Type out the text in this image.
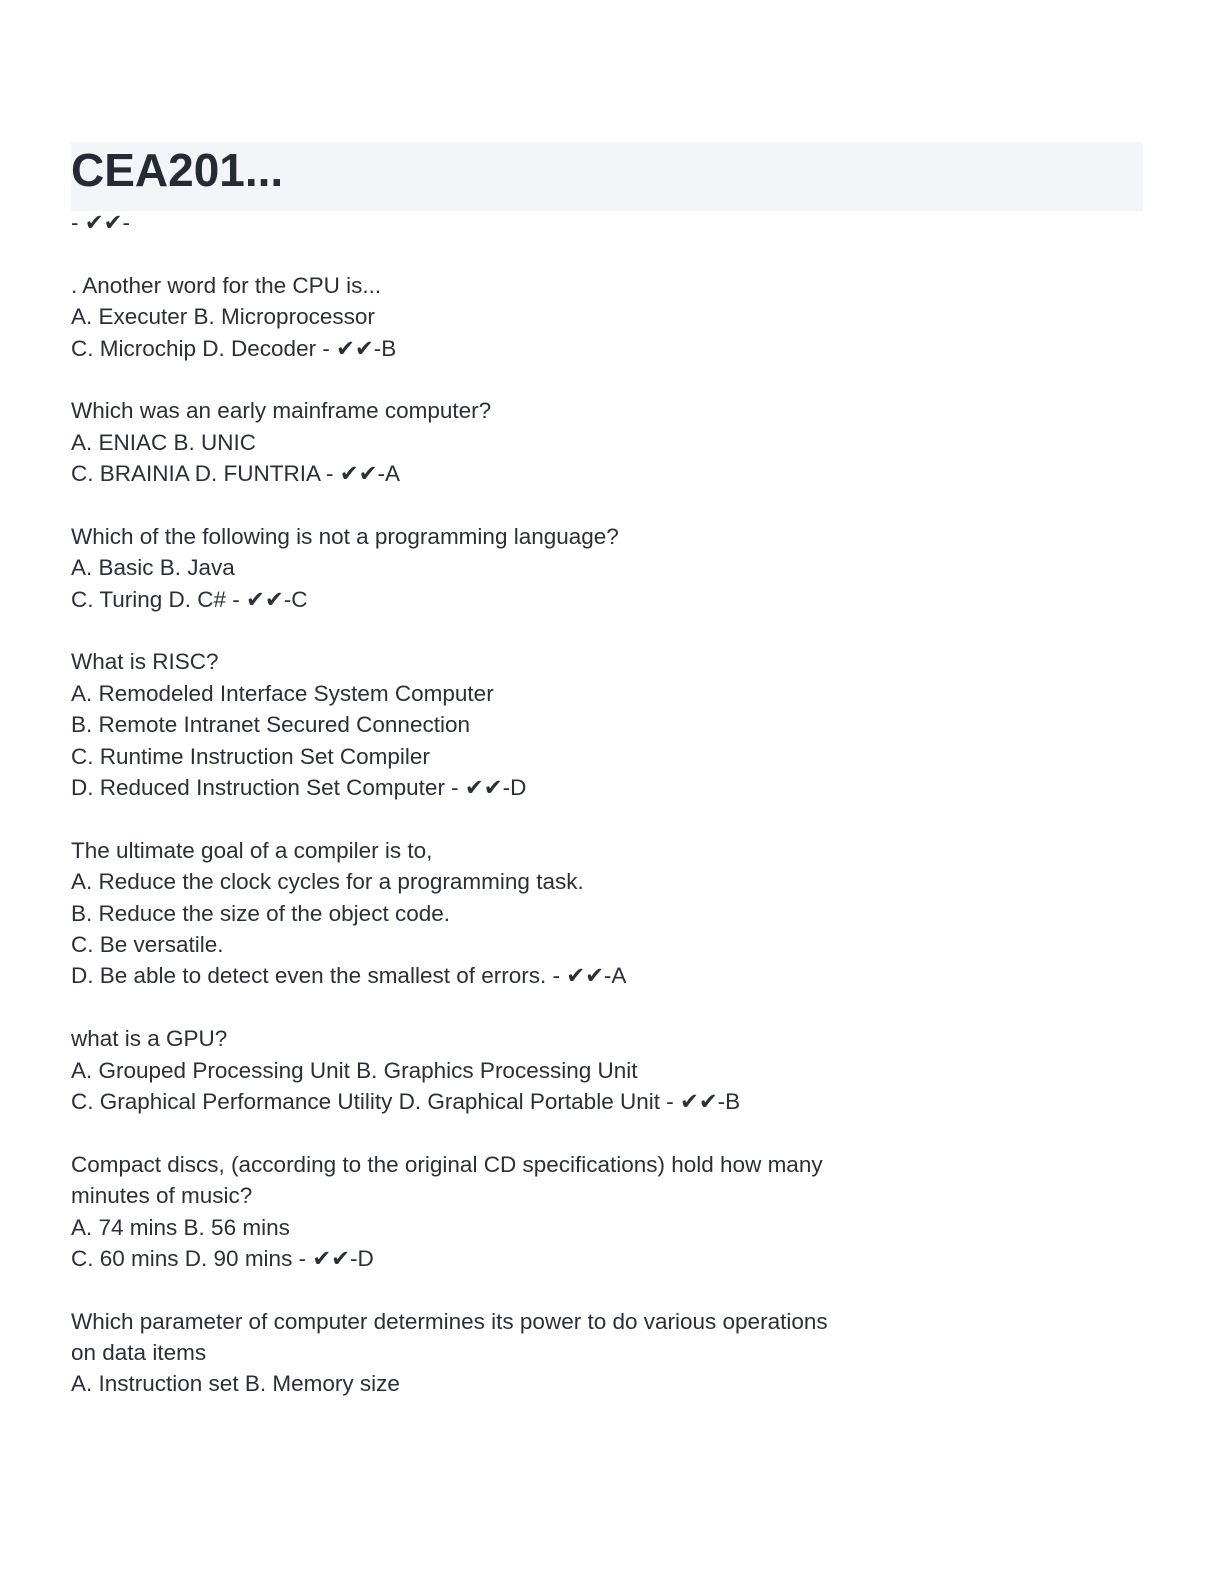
CEA201...
- ✔✔-
. Another word for the CPU is...
A. Executer B. Microprocessor
C. Microchip D. Decoder - ✔✔-B
Which was an early mainframe computer?
A. ENIAC B. UNIC
C. BRAINIA D. FUNTRIA - ✔✔-A
Which of the following is not a programming language?
A. Basic B. Java
C. Turing D. C# - ✔✔-C
What is RISC?
A. Remodeled Interface System Computer
B. Remote Intranet Secured Connection
C. Runtime Instruction Set Compiler
D. Reduced Instruction Set Computer - ✔✔-D
The ultimate goal of a compiler is to,
A. Reduce the clock cycles for a programming task.
B. Reduce the size of the object code.
C. Be versatile.
D. Be able to detect even the smallest of errors. - ✔✔-A
what is a GPU?
A. Grouped Processing Unit B. Graphics Processing Unit
C. Graphical Performance Utility D. Graphical Portable Unit - ✔✔-B
Compact discs, (according to the original CD specifications) hold how many
minutes of music?
A. 74 mins B. 56 mins
C. 60 mins D. 90 mins - ✔✔-D
Which parameter of computer determines its power to do various operations
on data items
A. Instruction set B. Memory size
